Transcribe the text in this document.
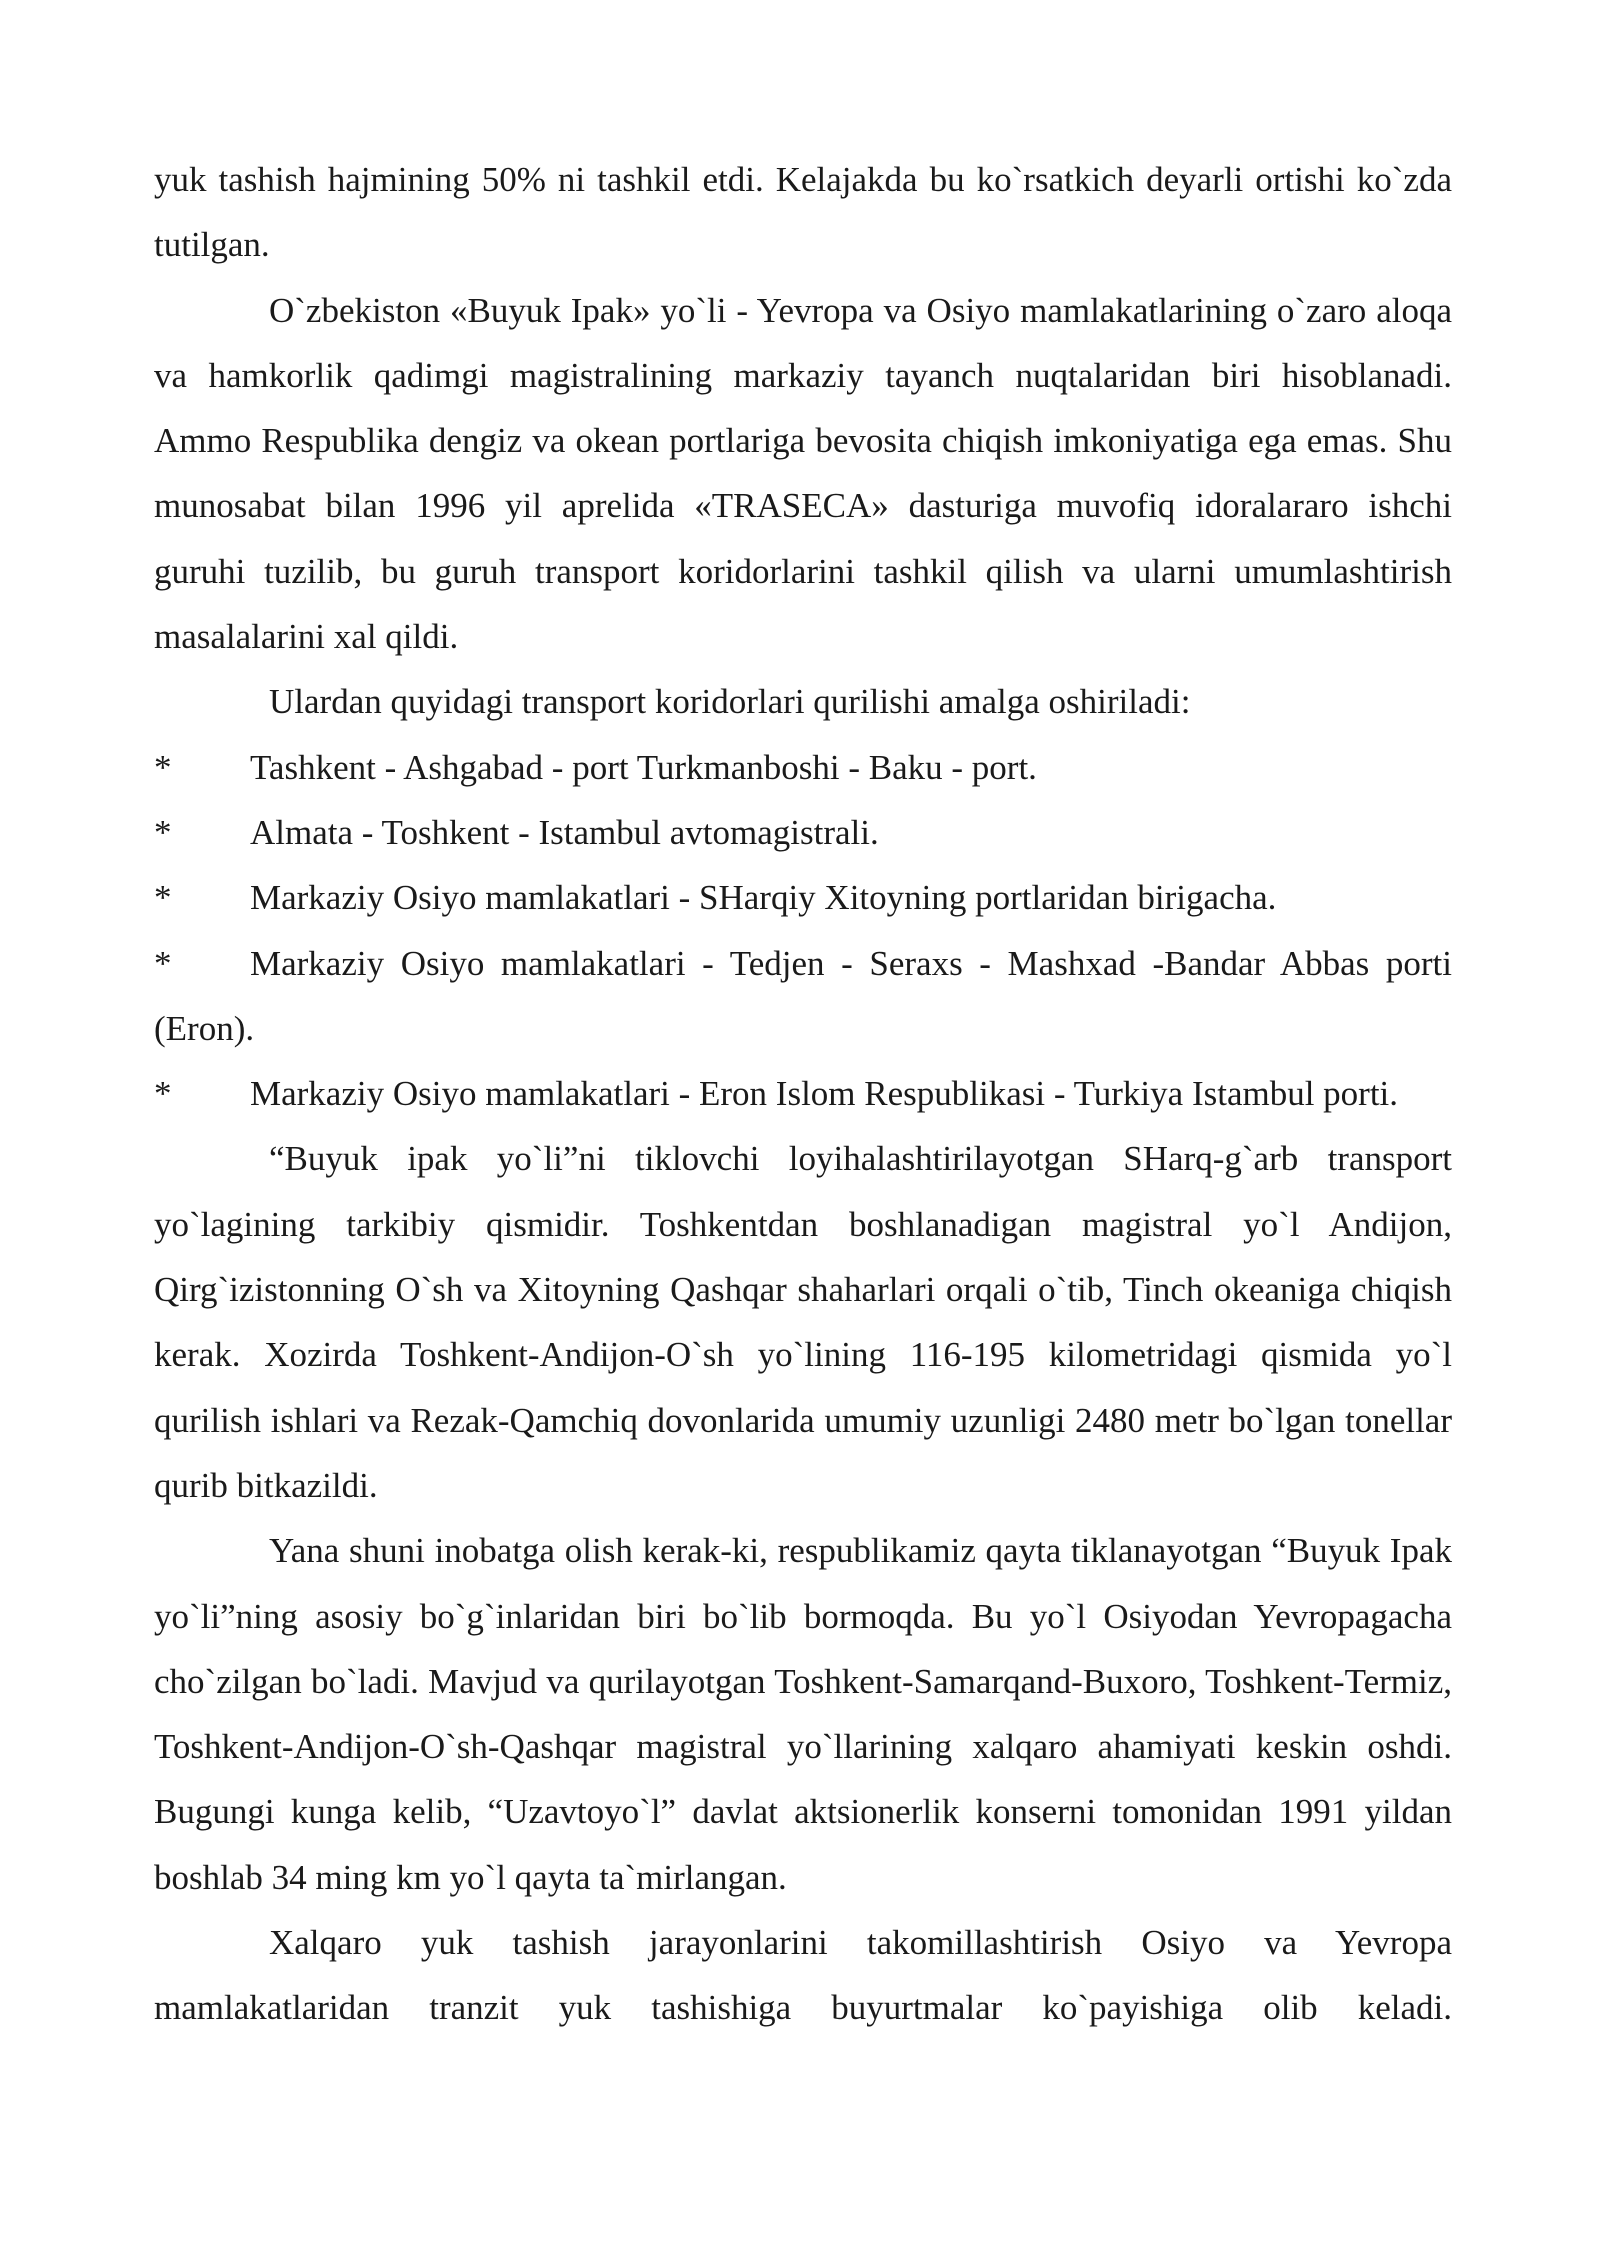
yuk tashish hajmining 50% ni tashkil etdi. Kelajakda bu ko`rsatkich deyarli ortishi ko`zda tutilgan.

O`zbekiston «Buyuk Ipak» yo`li - Yevropa va Osiyo mamlakatlarining o`zaro aloqa va hamkorlik qadimgi magistralining markaziy tayanch nuqtalaridan biri hisoblanadi. Ammo Respublika dengiz va okean portlariga bevosita chiqish imkoniyatiga ega emas. Shu munosabat bilan 1996 yil aprelida «TRASECA» dasturiga muvofiq idoralararo ishchi guruhi tuzilib, bu guruh transport koridorlarini tashkil qilish va ularni umumlashtirish masalalarini xal qildi.

Ulardan quyidagi transport koridorlari qurilishi amalga oshiriladi:

* Tashkent - Ashgabad - port Turkmanboshi - Baku - port.

* Almata - Toshkent - Istambul avtomagistrali.

* Markaziy Osiyo mamlakatlari - SHarqiy Xitoyning portlaridan birigacha.

* Markaziy Osiyo mamlakatlari - Tedjen - Seraxs - Mashxad -Bandar Abbas porti (Eron).

* Markaziy Osiyo mamlakatlari - Eron Islom Respublikasi - Turkiya Istambul porti.

“Buyuk ipak yo`li”ni tiklovchi loyihalashtirilayotgan SHarq-g`arb transport yo`lagining tarkibiy qismidir. Toshkentdan boshlanadigan magistral yo`l Andijon, Qirg`izistonning O`sh va Xitoyning Qashqar shaharlari orqali o`tib, Tinch okeaniga chiqish kerak. Xozirda Toshkent-Andijon-O`sh yo`lining 116-195 kilometridagi qismida yo`l qurilish ishlari va Rezak-Qamchiq dovonlarida umumiy uzunligi 2480 metr bo`lgan tonellar qurib bitkazildi.

Yana shuni inobatga olish kerak-ki, respublikamiz qayta tiklanayotgan “Buyuk Ipak yo`li”ning asosiy bo`g`inlaridan biri bo`lib bormoqda. Bu yo`l Osiyodan Yevropagacha cho`zilgan bo`ladi. Mavjud va qurilayotgan Toshkent-Samarqand-Buxoro, Toshkent-Termiz, Toshkent-Andijon-O`sh-Qashqar magistral yo`llarining xalqaro ahamiyati keskin oshdi. Bugungi kunga kelib, “Uzavtoyo`l” davlat aktsionerlik konserni tomonidan 1991 yildan boshlab 34 ming km yo`l qayta ta`mirlangan.

Xalqaro yuk tashish jarayonlarini takomillashtirish Osiyo va Yevropa mamlakatlaridan tranzit yuk tashishiga buyurtmalar ko`payishiga olib keladi.
